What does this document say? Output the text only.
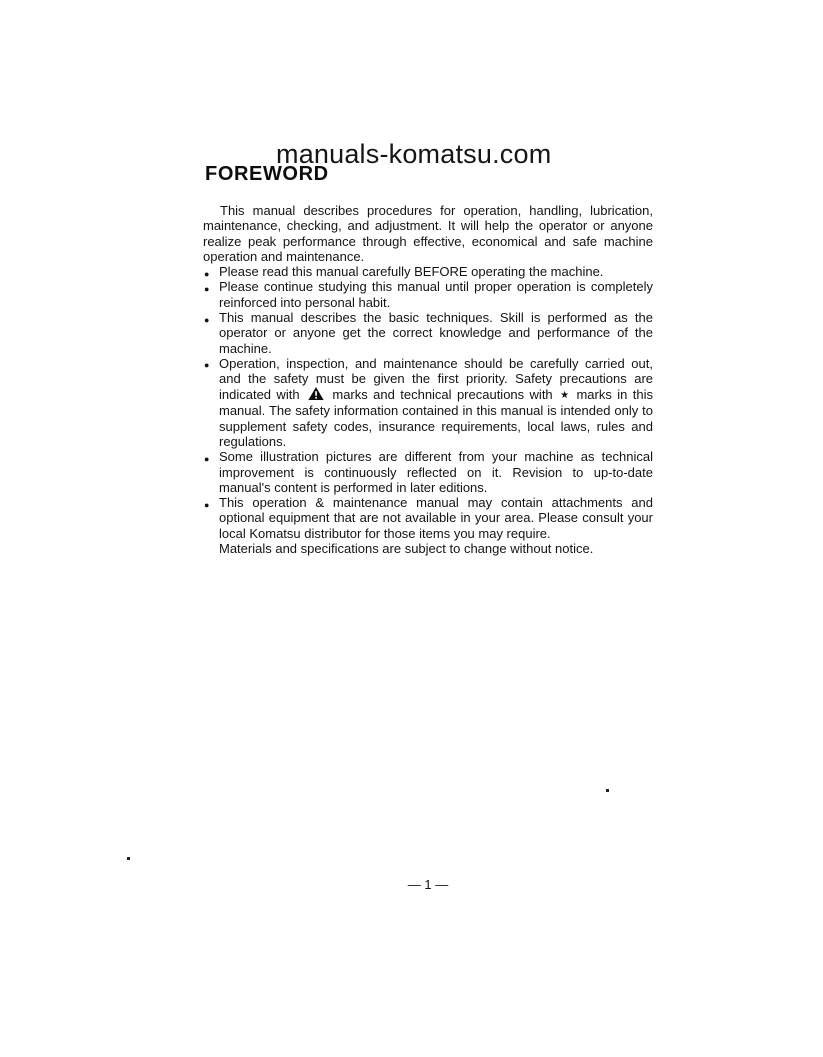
manuals-komatsu.com
FOREWORD

This manual describes procedures for operation, handling, lubrication, maintenance, checking, and adjustment. It will help the operator or anyone realize peak performance through effective, economical and safe machine operation and maintenance.

● Please read this manual carefully BEFORE operating the machine.
● Please continue studying this manual until proper operation is completely reinforced into personal habit.
● This manual describes the basic techniques. Skill is performed as the operator or anyone get the correct knowledge and performance of the machine.
● Operation, inspection, and maintenance should be carefully carried out, and the safety must be given the first priority. Safety precautions are indicated with	marks and technical precautions with ★ marks in this manual. The safety information contained in this manual is intended only to supplement safety codes, insurance requirements, local laws, rules and regulations.
● Some illustration pictures are different from your machine as technical improvement is continuously reflected on it. Revision to up-to-date manual's content is performed in later editions.
● This operation & maintenance manual may contain attachments and optional equipment that are not available in your area. Please consult your local Komatsu distributor for those items you may require.

Materials and specifications are subject to change without notice.

— 1 —
